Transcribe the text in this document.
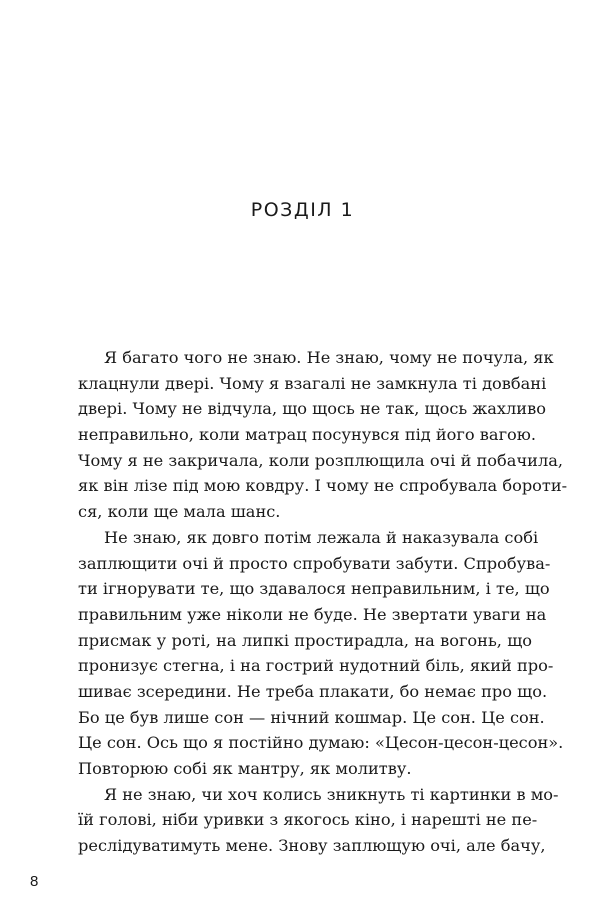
РОЗДІЛ 1
Я багато чого не знаю. Не знаю, чому не почула, як
клацнули двері. Чому я взагалі не замкнула ті довбані
двері. Чому не відчула, що щось не так, щось жахливо
неправильно, коли матрац посунувся під його вагою.
Чому я не закричала, коли розплющила очі й побачила,
як він лізе під мою ковдру. І чому не спробувала бороти-
ся, коли ще мала шанс.
Не знаю, як довго потім лежала й наказувала собі
заплющити очі й просто спробувати забути. Спробува-
ти ігнорувати те, що здавалося неправильним, і те, що
правильним уже ніколи не буде. Не звертати уваги на
присмак у роті, на липкі простирадла, на вогонь, що
пронизує стегна, і на гострий нудотний біль, який про-
шиває зсередини. Не треба плакати, бо немає про що.
Бо це був лише сон — нічний кошмар. Це сон. Це сон.
Це сон. Ось що я постійно думаю: «Цесон-цесон-цесон».
Повторюю собі як мантру, як молитву.
Я не знаю, чи хоч колись зникнуть ті картинки в мо-
їй голові, ніби уривки з якогось кіно, і нарешті не пе-
реслідуватимуть мене. Знову заплющую очі, але бачу,

8
